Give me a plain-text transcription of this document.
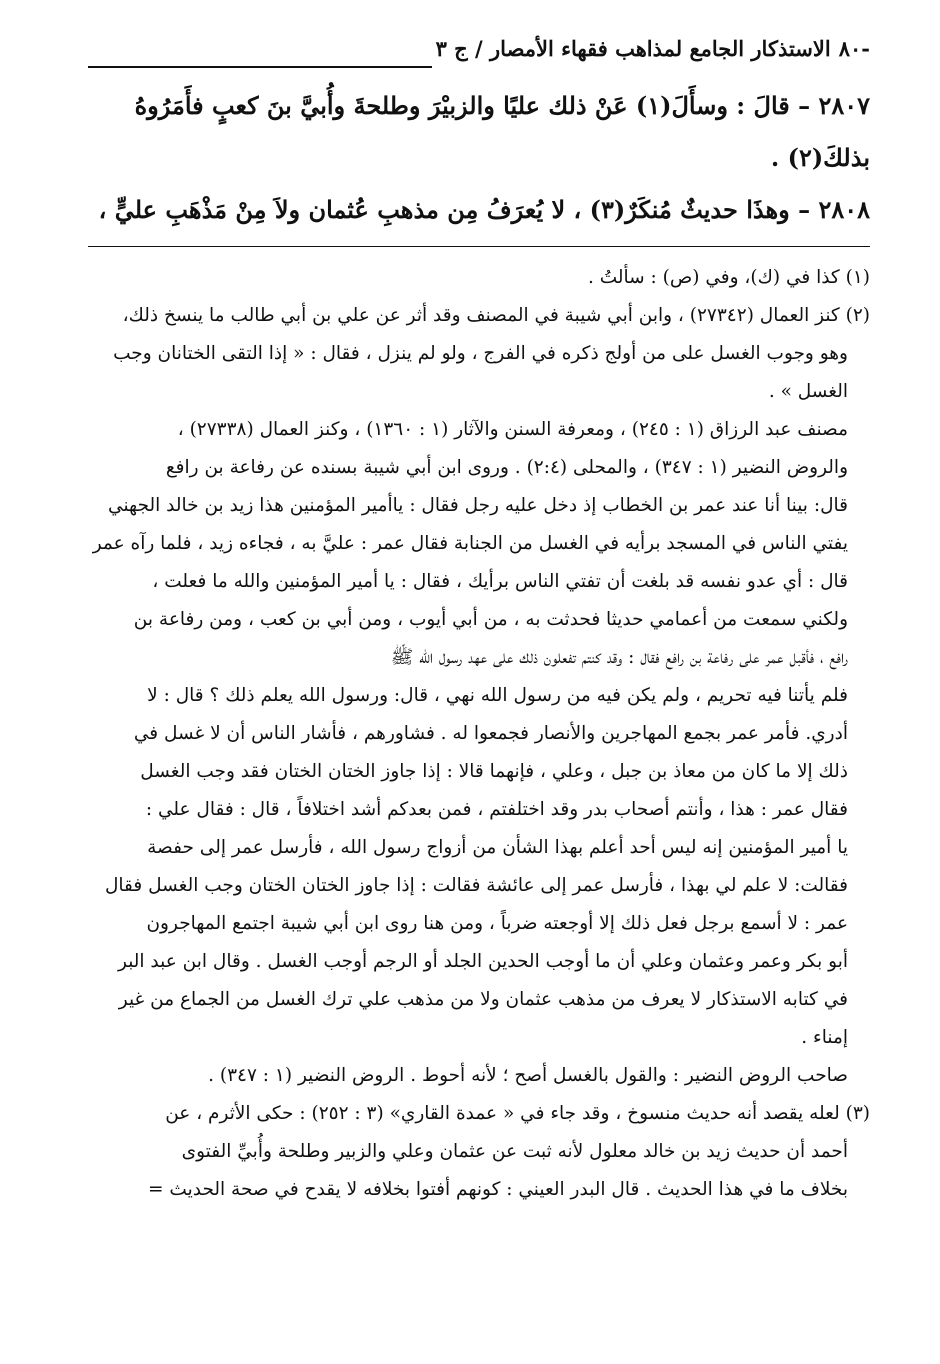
-٨٠
الاستذكار الجامع لمذاهب فقهاء الأمصار / ج ٣

٢٨٠٧ – قالَ : وسأَلَ(١) عَنْ ذلك عليًا والزبيْرَ وطلحةَ وأُبيَّ بنَ كعبٍ فأَمَرُوهُ

بذلكَ(٢) .

٢٨٠٨ – وهذَا حديثٌ مُنكَرٌ(٣) ، لا يُعرَفُ مِن مذهبِ عُثمان ولاَ مِنْ مَذْهَبِ عليٍّ ،

(١) كذا في (ك)، وفي (ص) : سألتُ .

(٢) كنز العمال (٢٧٣٤٢) ، وابن أبي شيبة في المصنف وقد أثر عن علي بن أبي طالب ما ينسخ ذلك،

وهو وجوب الغسل على من أولج ذكره في الفرج ، ولو لم ينزل ، فقال : « إذا التقى الختانان وجب

الغسل » .

مصنف عبد الرزاق (١ : ٢٤٥) ، ومعرفة السنن والآثار (١ : ١٣٦٠) ، وكنز العمال (٢٧٣٣٨) ،

والروض النضير (١ : ٣٤٧) ، والمحلى (٢:٤) . وروى ابن أبي شيبة بسنده عن رفاعة بن رافع

قال: بينا أنا عند عمر بن الخطاب إذ دخل عليه رجل فقال : ياأمير المؤمنين هذا زيد بن خالد الجهني

يفتي الناس في المسجد برأيه في الغسل من الجنابة فقال عمر : عليَّ به ، فجاءه زيد ، فلما رآه عمر

قال : أي عدو نفسه قد بلغت أن تفتي الناس برأيك ، فقال : يا أمير المؤمنين والله ما فعلت ،

ولكني سمعت من أعمامي حديثا فحدثت به ، من أبي أيوب ، ومن أبي بن كعب ، ومن رفاعة بن

رافع ، فأقبل عمر على رفاعة بن رافع فقال : وقد كنتم تفعلون ذلك على عهد رسول الله ﷺ

فلم يأتنا فيه تحريم ، ولم يكن فيه من رسول الله نهي ، قال: ورسول الله يعلم ذلك ؟ قال : لا

أدري. فأمر عمر بجمع المهاجرين والأنصار فجمعوا له . فشاورهم ، فأشار الناس أن لا غسل في

ذلك إلا ما كان من معاذ بن جبل ، وعلي ، فإنهما قالا : إذا جاوز الختان الختان فقد وجب الغسل

فقال عمر : هذا ، وأنتم أصحاب بدر وقد اختلفتم ، فمن بعدكم أشد اختلافاً ، قال : فقال علي :

يا أمير المؤمنين إنه ليس أحد أعلم بهذا الشأن من أزواج رسول الله ، فأرسل عمر إلى حفصة

فقالت: لا علم لي بهذا ، فأرسل عمر إلى عائشة فقالت : إذا جاوز الختان الختان وجب الغسل فقال

عمر : لا أسمع برجل فعل ذلك إلا أوجعته ضرباً ، ومن هنا روى ابن أبي شيبة اجتمع المهاجرون

أبو بكر وعمر وعثمان وعلي أن ما أوجب الحدين الجلد أو الرجم أوجب الغسل . وقال ابن عبد البر

في كتابه الاستذكار لا يعرف من مذهب عثمان ولا من مذهب علي ترك الغسل من الجماع من غير

إمناء .

صاحب الروض النضير : والقول بالغسل أصح ؛ لأنه أحوط . الروض النضير (١ : ٣٤٧) .

(٣) لعله يقصد أنه حديث منسوخ ، وقد جاء في « عمدة القاري» (٣ : ٢٥٢) : حكى الأثرم ، عن

أحمد أن حديث زيد بن خالد معلول لأنه ثبت عن عثمان وعلي والزبير وطلحة وأُبيِّ الفتوى

بخلاف ما في هذا الحديث . قال البدر العيني : كونهم أفتوا بخلافه لا يقدح في صحة الحديث =
